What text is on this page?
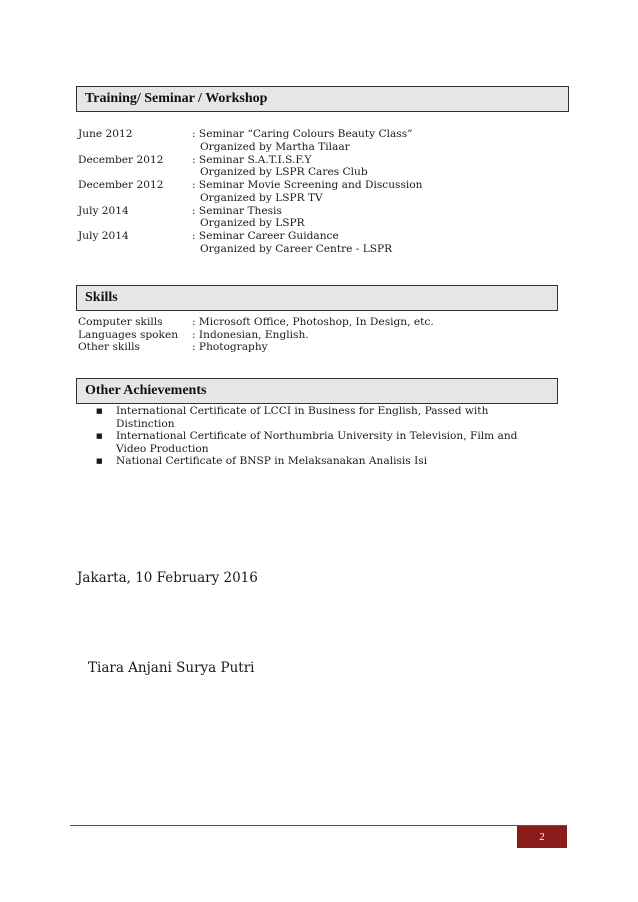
Training/ Seminar / Workshop
June 2012	: Seminar “Caring Colours Beauty Class”
Organized by Martha Tilaar
December 2012	: Seminar S.A.T.I.S.F.Y
Organized by LSPR Cares Club
December 2012	: Seminar Movie Screening and Discussion
Organized by LSPR TV
July 2014	: Seminar Thesis
Organized by LSPR
July 2014	: Seminar Career Guidance
Organized by Career Centre - LSPR
Skills
Computer skills	: Microsoft Office, Photoshop, In Design, etc.
Languages spoken	: Indonesian, English.
Other skills	: Photography
Other Achievements
■	International Certificate of LCCI in Business for English, Passed with Distinction
■	International Certificate of Northumbria University in Television, Film and Video Production
■	National Certificate of BNSP in Melaksanakan Analisis Isi
Jakarta, 10 February 2016
Tiara Anjani Surya Putri
2
